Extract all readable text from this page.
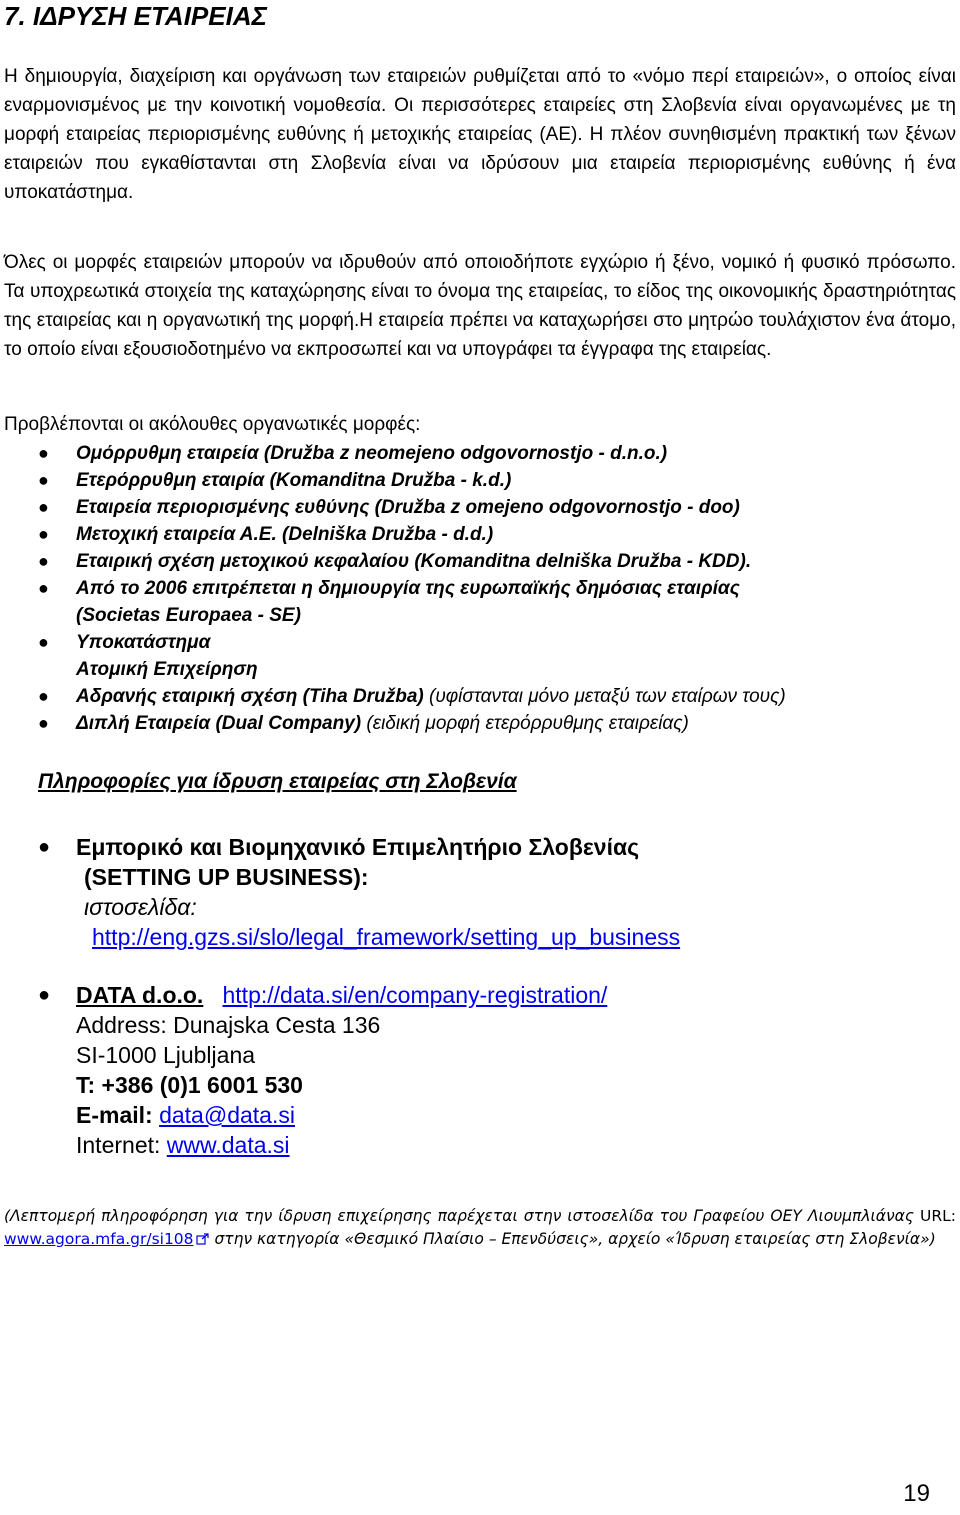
7. ΙΔΡΥΣΗ ΕΤΑΙΡΕΙΑΣ

Η δημιουργία, διαχείριση και οργάνωση των εταιρειών ρυθμίζεται από το «νόμο περί εταιρειών», ο οποίος είναι εναρμονισμένος με την κοινοτική νομοθεσία. Οι περισσότερες εταιρείες στη Σλοβενία είναι οργανωμένες με τη μορφή εταιρείας περιορισμένης ευθύνης ή μετοχικής εταιρείας (ΑΕ). Η πλέον συνηθισμένη πρακτική των ξένων εταιρειών που εγκαθίστανται στη Σλοβενία είναι να ιδρύσουν μια εταιρεία περιορισμένης ευθύνης ή ένα υποκατάστημα.

Όλες οι μορφές εταιρειών μπορούν να ιδρυθούν από οποιοδήποτε εγχώριο ή ξένο, νομικό ή φυσικό πρόσωπο. Τα υποχρεωτικά στοιχεία της καταχώρησης είναι το όνομα της εταιρείας, το είδος της οικονομικής δραστηριότητας της εταιρείας και η οργανωτική της μορφή.Η εταιρεία πρέπει να καταχωρήσει στο μητρώο τουλάχιστον ένα άτομο, το οποίο είναι εξουσιοδοτημένο να εκπροσωπεί και να υπογράφει τα έγγραφα της εταιρείας.

Προβλέπονται οι ακόλουθες οργανωτικές μορφές:

● Ομόρρυθμη εταιρεία (Družba z neomejeno odgovornostjo - d.n.o.)
● Ετερόρρυθμη εταιρία (Komanditna Družba - k.d.)
● Εταιρεία περιορισμένης ευθύνης (Družba z omejeno odgovornostjo - doo)
● Μετοχική εταιρεία Α.Ε. (Delniška Družba - d.d.)
● Εταιρική σχέση μετοχικού κεφαλαίου (Komanditna delniška Družba - KDD).
● Από το 2006 επιτρέπεται η δημιουργία της ευρωπαϊκής δημόσιας εταιρίας
(Societas Europaea - SE)
● Υποκατάστημα
Ατομική Επιχείρηση
● Αδρανής εταιρική σχέση (Tiha Družba) (υφίστανται μόνο μεταξύ των εταίρων τους)
● Διπλή Εταιρεία (Dual Company) (ειδική μορφή ετερόρρυθμης εταιρείας)
Πληροφορίες για ίδρυση εταιρείας στη Σλοβενία
● Εμπορικό και Βιομηχανικό Επιμελητήριο Σλοβενίας
(SETTING UP BUSINESS):
ιστοσελίδα:
http://eng.gzs.si/slo/legal_framework/setting_up_business
● DATA d.o.o. http://data.si/en/company-registration/
Address: Dunajska Cesta 136
SI-1000 Ljubljana
T: +386 (0)1 6001 530
E-mail: data@data.si
Internet: www.data.si

(Λεπτομερή πληροφόρηση για την ίδρυση επιχείρησης παρέχεται στην ιστοσελίδα του Γραφείου ΟΕΥ Λιουμπλιάνας URL: www.agora.mfa.gr/si108 στην κατηγορία «Θεσμικό Πλαίσιο – Επενδύσεις», αρχείο «Ίδρυση εταιρείας στη Σλοβενία»)

19
